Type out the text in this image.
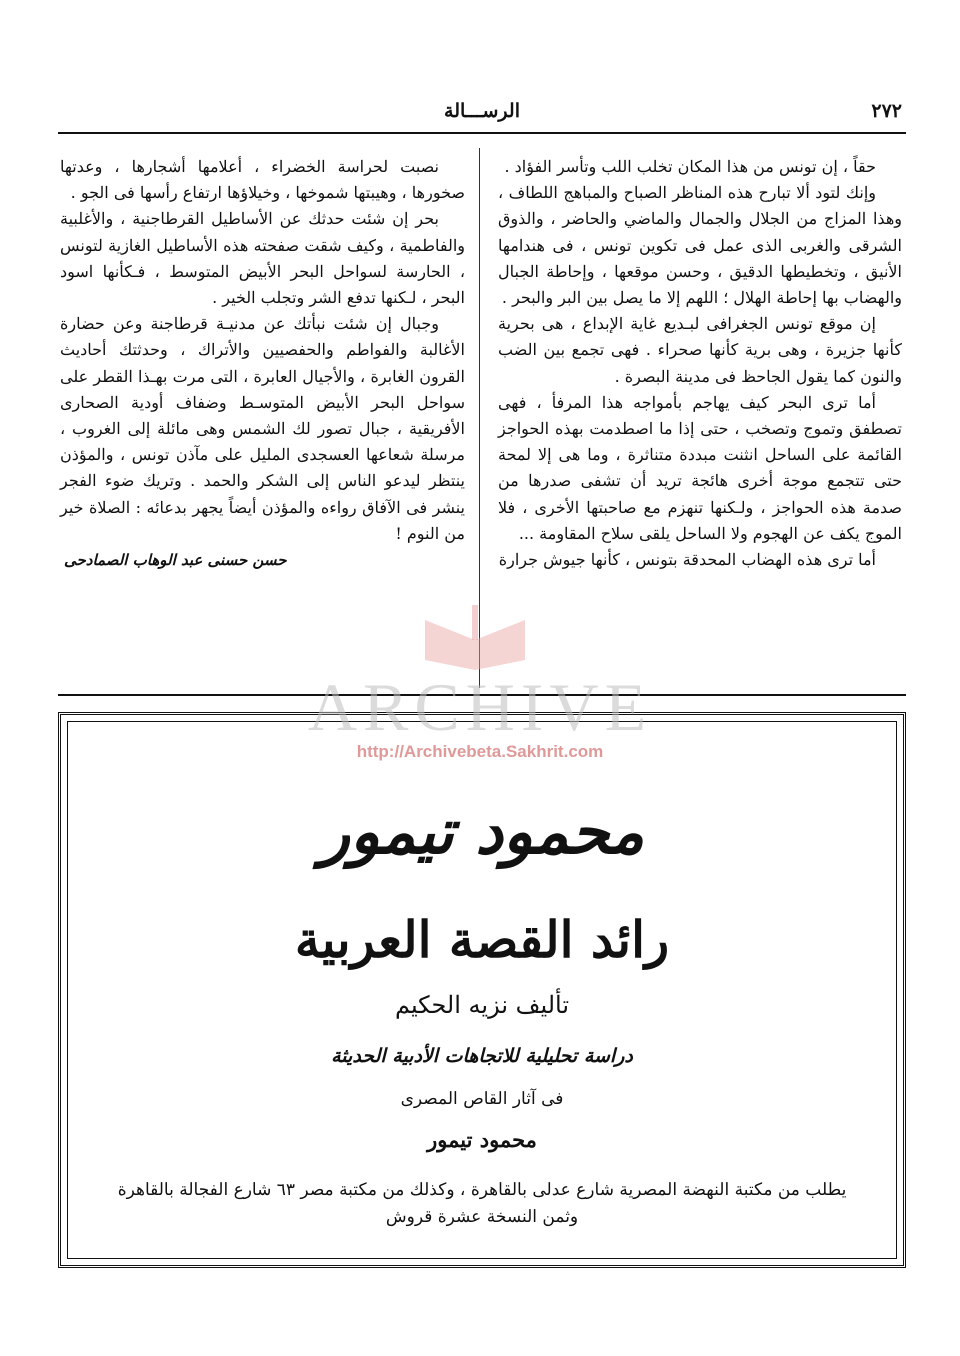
الرســـالة	٢٧٢

حقاً ، إن تونس من هذا المكان تخلب اللب وتأسر الفؤاد .

وإنك لتود ألا تبارح هذه المناظر الصباح والمباهج اللطاف ، وهذا المزاج من الجلال والجمال والماضي والحاضر ، والذوق الشرقى والغربى الذى عمل فى تكوين تونس ، فى هندامها الأنيق ، وتخطيطها الدقيق ، وحسن موقعها ، وإحاطة الجبال والهضاب بها إحاطة الهلال ؛ اللهم إلا ما يصل بين البر والبحر .

إن موقع تونس الجغرافى لبـديع غاية الإبداع ، هى بحرية كأنها جزيرة ، وهى برية كأنها صحراء . فهى تجمع بين الضب والنون كما يقول الجاحظ فى مدينة البصرة .

أما ترى البحر كيف يهاجم بأمواجه هذا المرفأ ، فهى تصطفق وتموج وتصخب ، حتى إذا ما اصطدمت بهذه الحواجز القائمة على الساحل انثنت مبددة متناثرة ، وما هى إلا لمحة حتى تتجمع موجة أخرى هائجة تريد أن تشفى صدرها من صدمة هذه الحواجز ، ولـكنها تنهزم مع صاحبتها الأخرى ، فلا الموج يكف عن الهجوم ولا الساحل يلقى سلاح المقاومة ...

أما ترى هذه الهضاب المحدقة بتونس ، كأنها جيوش جرارة

نصبت لحراسة الخضراء ، أعلامها أشجارها ، وعدتها صخورها ، وهيبتها شموخها ، وخيلاؤها ارتفاع رأسها فى الجو .

بحر إن شئت حدثك عن الأساطيل القرطاجنية ، والأغلبية والفاطمية ، وكيف شقت صفحته هذه الأساطيل الغازية لتونس ، الحارسة لسواحل البحر الأبيض المتوسط ، فـكأنها اسود البحر ، لـكنها تدفع الشر وتجلب الخير .

وجبال إن شئت نبأتك عن مدنيـة قرطاجنة وعن حضارة الأغالبة والفواطم والحفصيين والأتراك ، وحدثتك أحاديث القرون الغابرة ، والأجيال العابرة ، التى مرت بهـذا القطر على سواحل البحر الأبيض المتوسـط وضفاف أودية الصحارى الأفريقية ، جبال تصور لك الشمس وهى مائلة إلى الغروب ، مرسلة شعاعها العسجدى المليل على مآذن تونس ، والمؤذن ينتظر ليدعو الناس إلى الشكر والحمد . وتريك ضوء الفجر ينشر فى الآفاق رواءه والمؤذن أيضاً يجهر بدعائه : الصلاة خير من النوم !

حسن حسنى عبد الوهاب الصمادحى

محمود تيمور
رائد القصة العربية
تأليف نزيه الحكيم
دراسة تحليلية للاتجاهات الأدبية الحديثة
فى آثار القاص المصرى
محمود تيمور
يطلب من مكتبة النهضة المصرية شارع عدلى بالقاهرة ، وكذلك من مكتبة مصر ٦٣ شارع الفجالة بالقاهرة
وثمن النسخة عشرة قروش
ARCHIVE
http://Archivebeta.Sakhrit.com
